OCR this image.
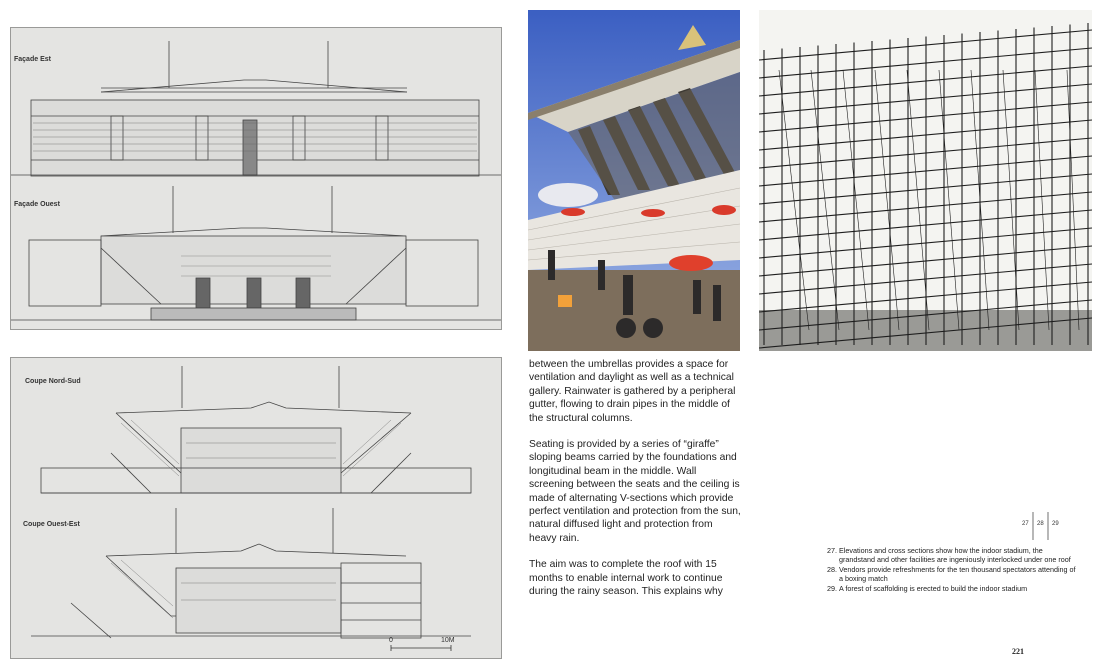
Façade Est
Façade Ouest
Coupe Nord-Sud
Coupe Ouest-Est
0	10M

between the umbrellas provides a space for ventilation and daylight as well as a technical gallery. Rainwater is gathered by a peripheral gutter, flowing to drain pipes in the middle of the structural columns.

Seating is provided by a series of “giraffe” sloping beams carried by the foundations and longitudinal beam in the middle. Wall screening between the seats and the ceiling is made of alternating V-sections which provide perfect ventilation and protection from the sun, natural diffused light and protection from heavy rain.

The aim was to complete the roof with 15 months to enable internal work to continue during the rainy season. This explains why

27 28 29
27. Elevations and cross sections show how the indoor stadium, the grandstand and other facilities are ingeniously interlocked under one roof
28. Vendors provide refreshments for the ten thousand spectators attending of a boxing match
29. A forest of scaffolding is erected to build the indoor stadium
221
